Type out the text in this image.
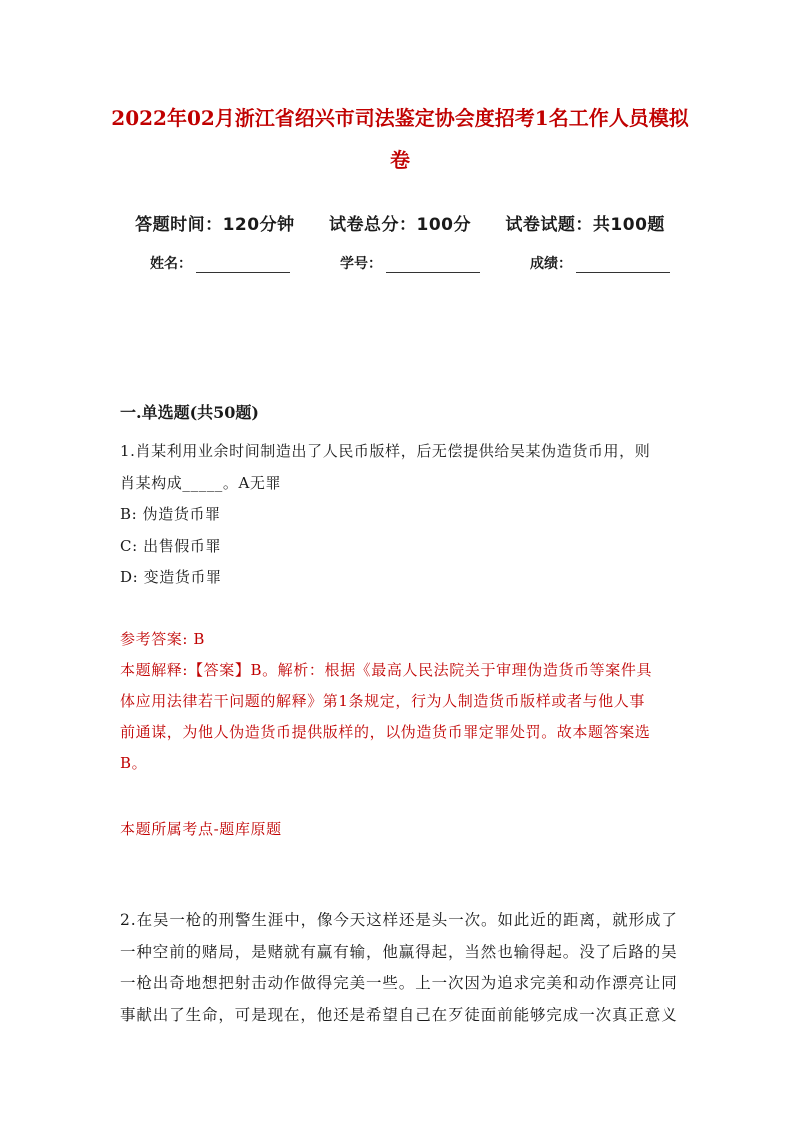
2022年02月浙江省绍兴市司法鉴定协会度招考1名工作人员模拟
卷
答题时间：120分钟 试卷总分：100分 试卷试题：共100题
姓名：	学号：	成绩：
一.单选题(共50题)
1.肖某利用业余时间制造出了人民币版样，后无偿提供给吴某伪造货币用，则
肖某构成_____。A无罪
B: 伪造货币罪
C: 出售假币罪
D: 变造货币罪
参考答案: B
本题解释:【答案】B。解析：根据《最高人民法院关于审理伪造货币等案件具
体应用法律若干问题的解释》第1条规定，行为人制造货币版样或者与他人事
前通谋，为他人伪造货币提供版样的，以伪造货币罪定罪处罚。故本题答案选
B。
本题所属考点-题库原题
2.在吴一枪的刑警生涯中，像今天这样还是头一次。如此近的距离，就形成了
一种空前的赌局，是赌就有赢有输，他赢得起，当然也输得起。没了后路的吴
一枪出奇地想把射击动作做得完美一些。上一次因为追求完美和动作漂亮让同
事献出了生命，可是现在，他还是希望自己在歹徒面前能够完成一次真正意义
